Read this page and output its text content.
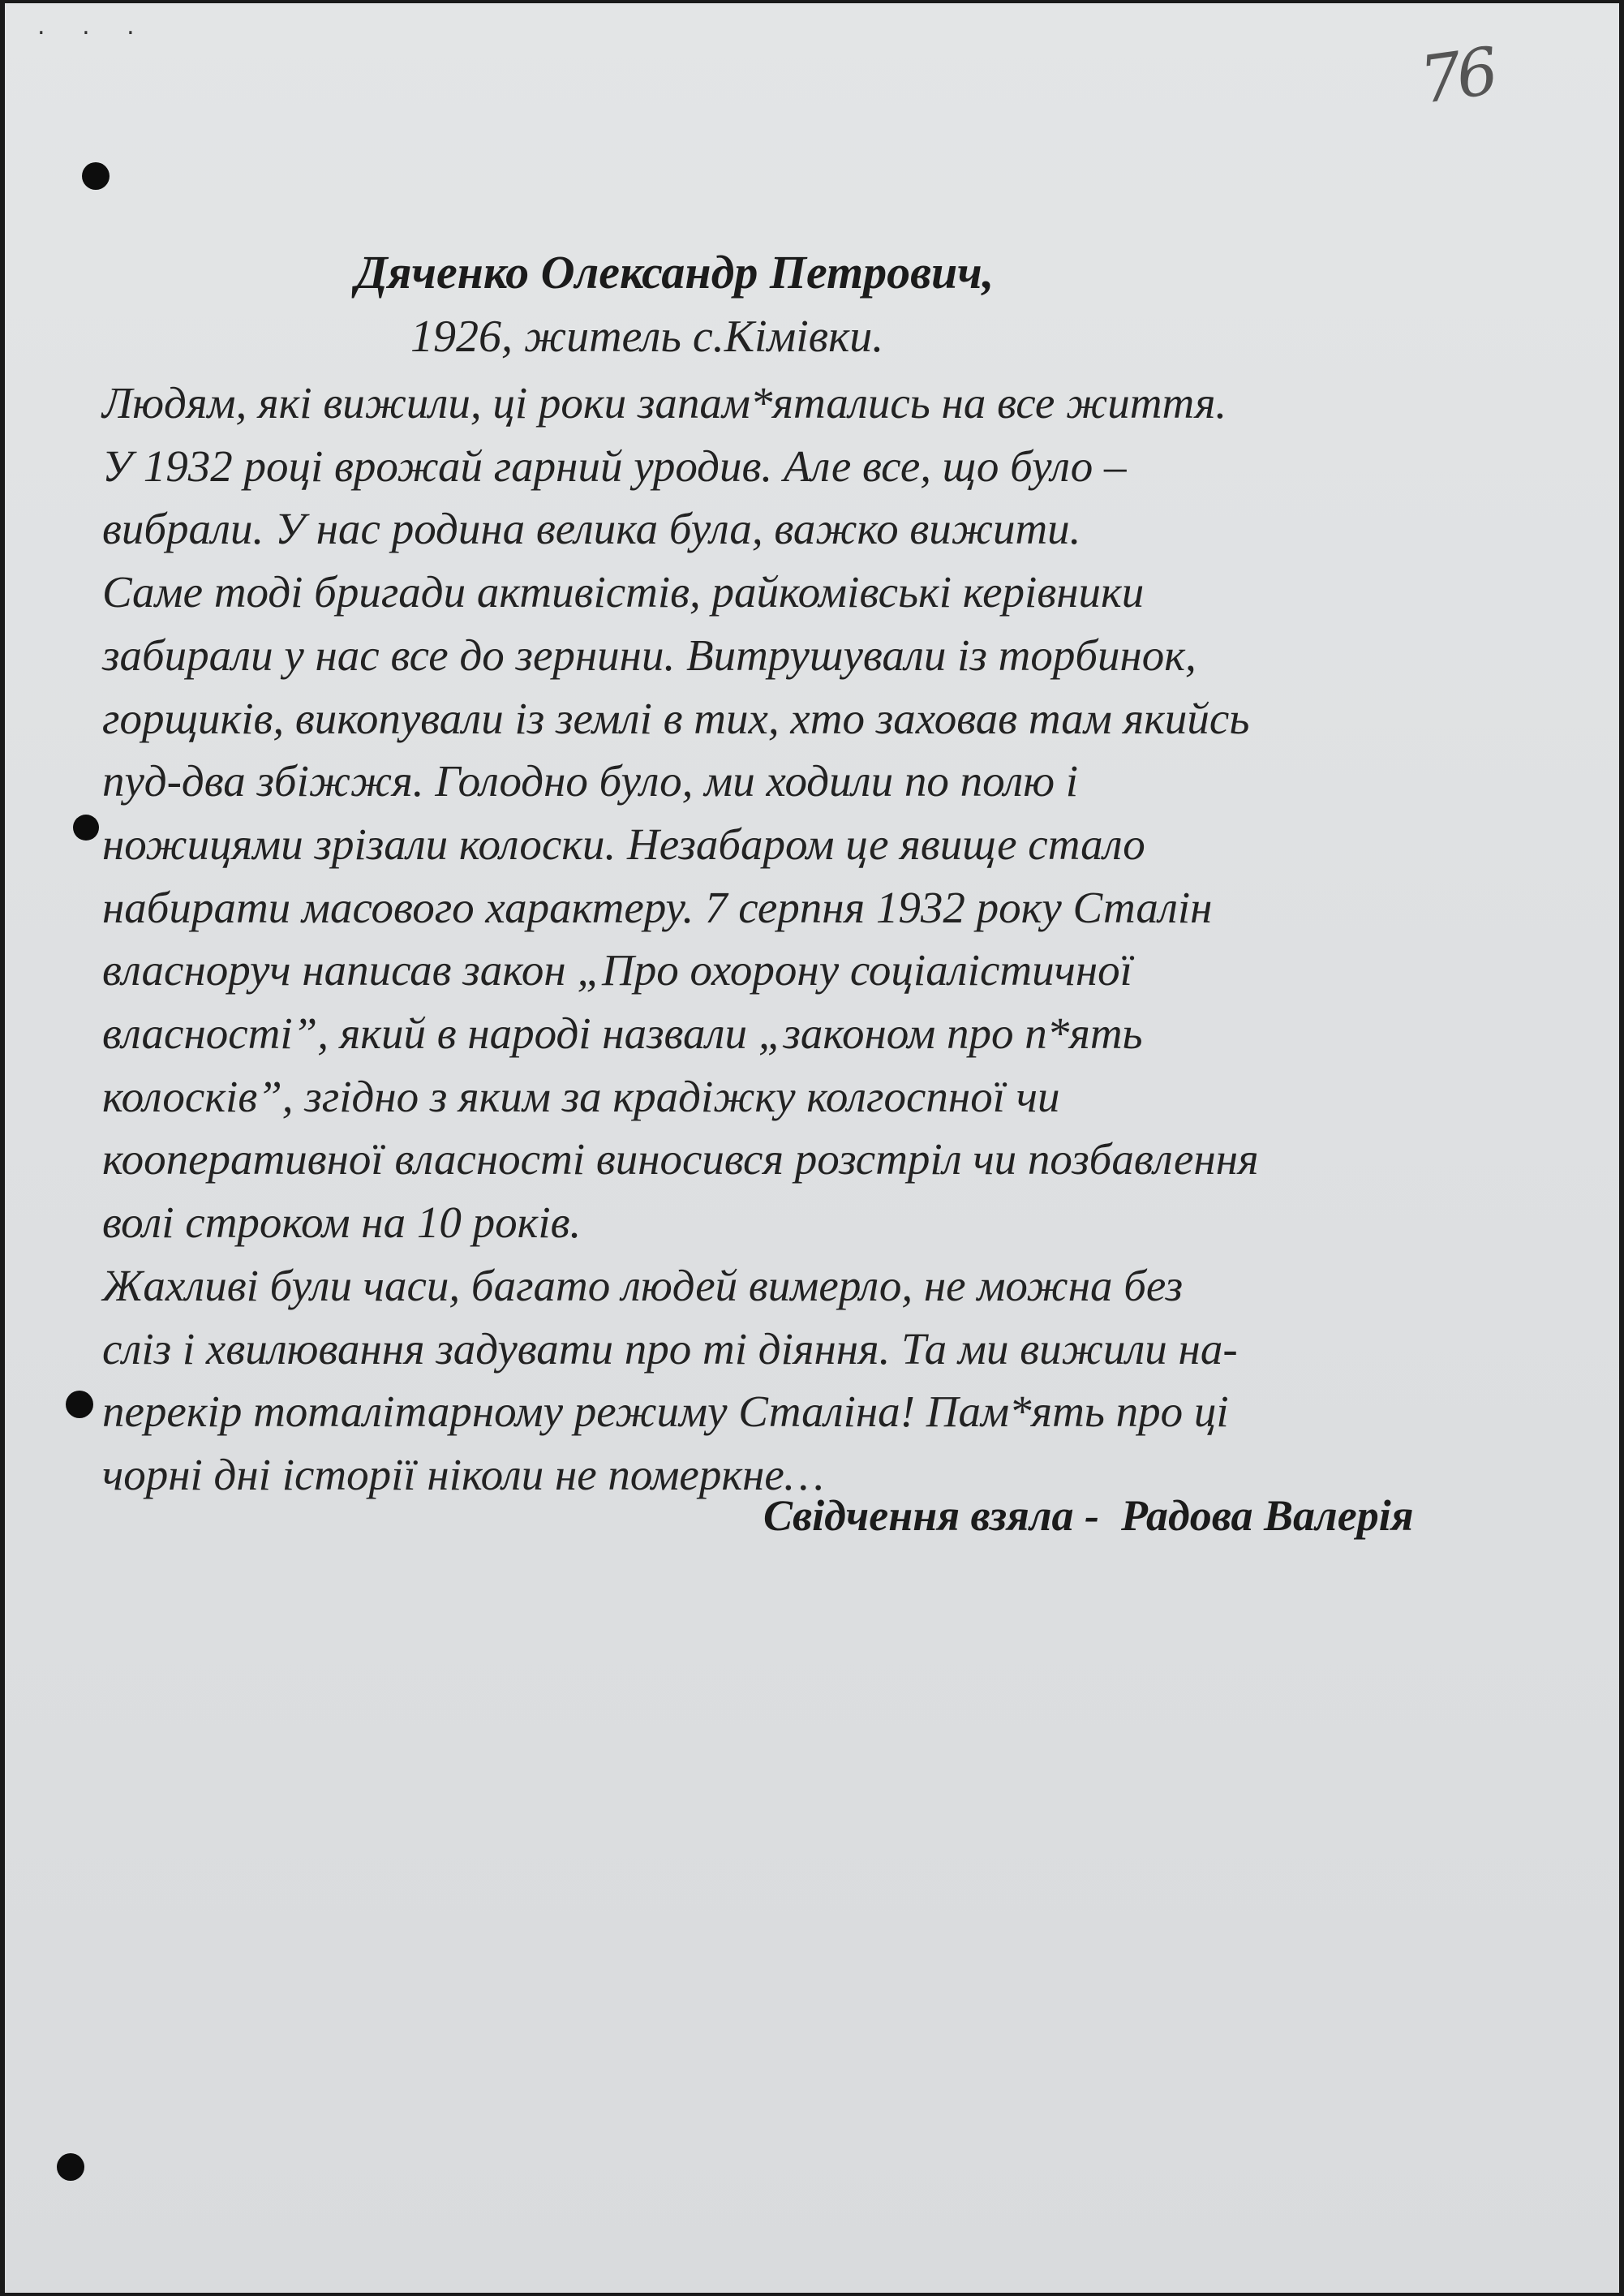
. . .
76
Дяченко Олександр Петрович,

1926, житель с.Кімівки.

Людям, які вижили, ці роки запам*ятались на все життя.
У 1932 році врожай гарний уродив. Але все, що було –
вибрали. У нас родина велика була, важко вижити.
Саме тоді бригади активістів, райкомівські керівники
забирали у нас все до зернини. Витрушували із торбинок,
горщиків, викопували із землі в тих, хто заховав там якийсь
пуд-два збіжжя. Голодно було, ми ходили по полю і
ножицями зрізали колоски. Незабаром це явище стало
набирати масового характеру. 7 серпня 1932 року Сталін
власноруч написав закон „Про охорону соціалістичної
власності”, який в народі назвали „законом про п*ять
колосків”, згідно з яким за крадіжку колгоспної чи
кооперативної власності виносився розстріл чи позбавлення
волі строком на 10 років.
Жахливі були часи, багато людей вимерло, не можна без
сліз і хвилювання задувати про ті діяння. Та ми вижили на-
перекір тоталітарному режиму Сталіна! Пам*ять про ці
чорні дні історії ніколи не померкне…

Свідчення взяла -  Радова Валерія
